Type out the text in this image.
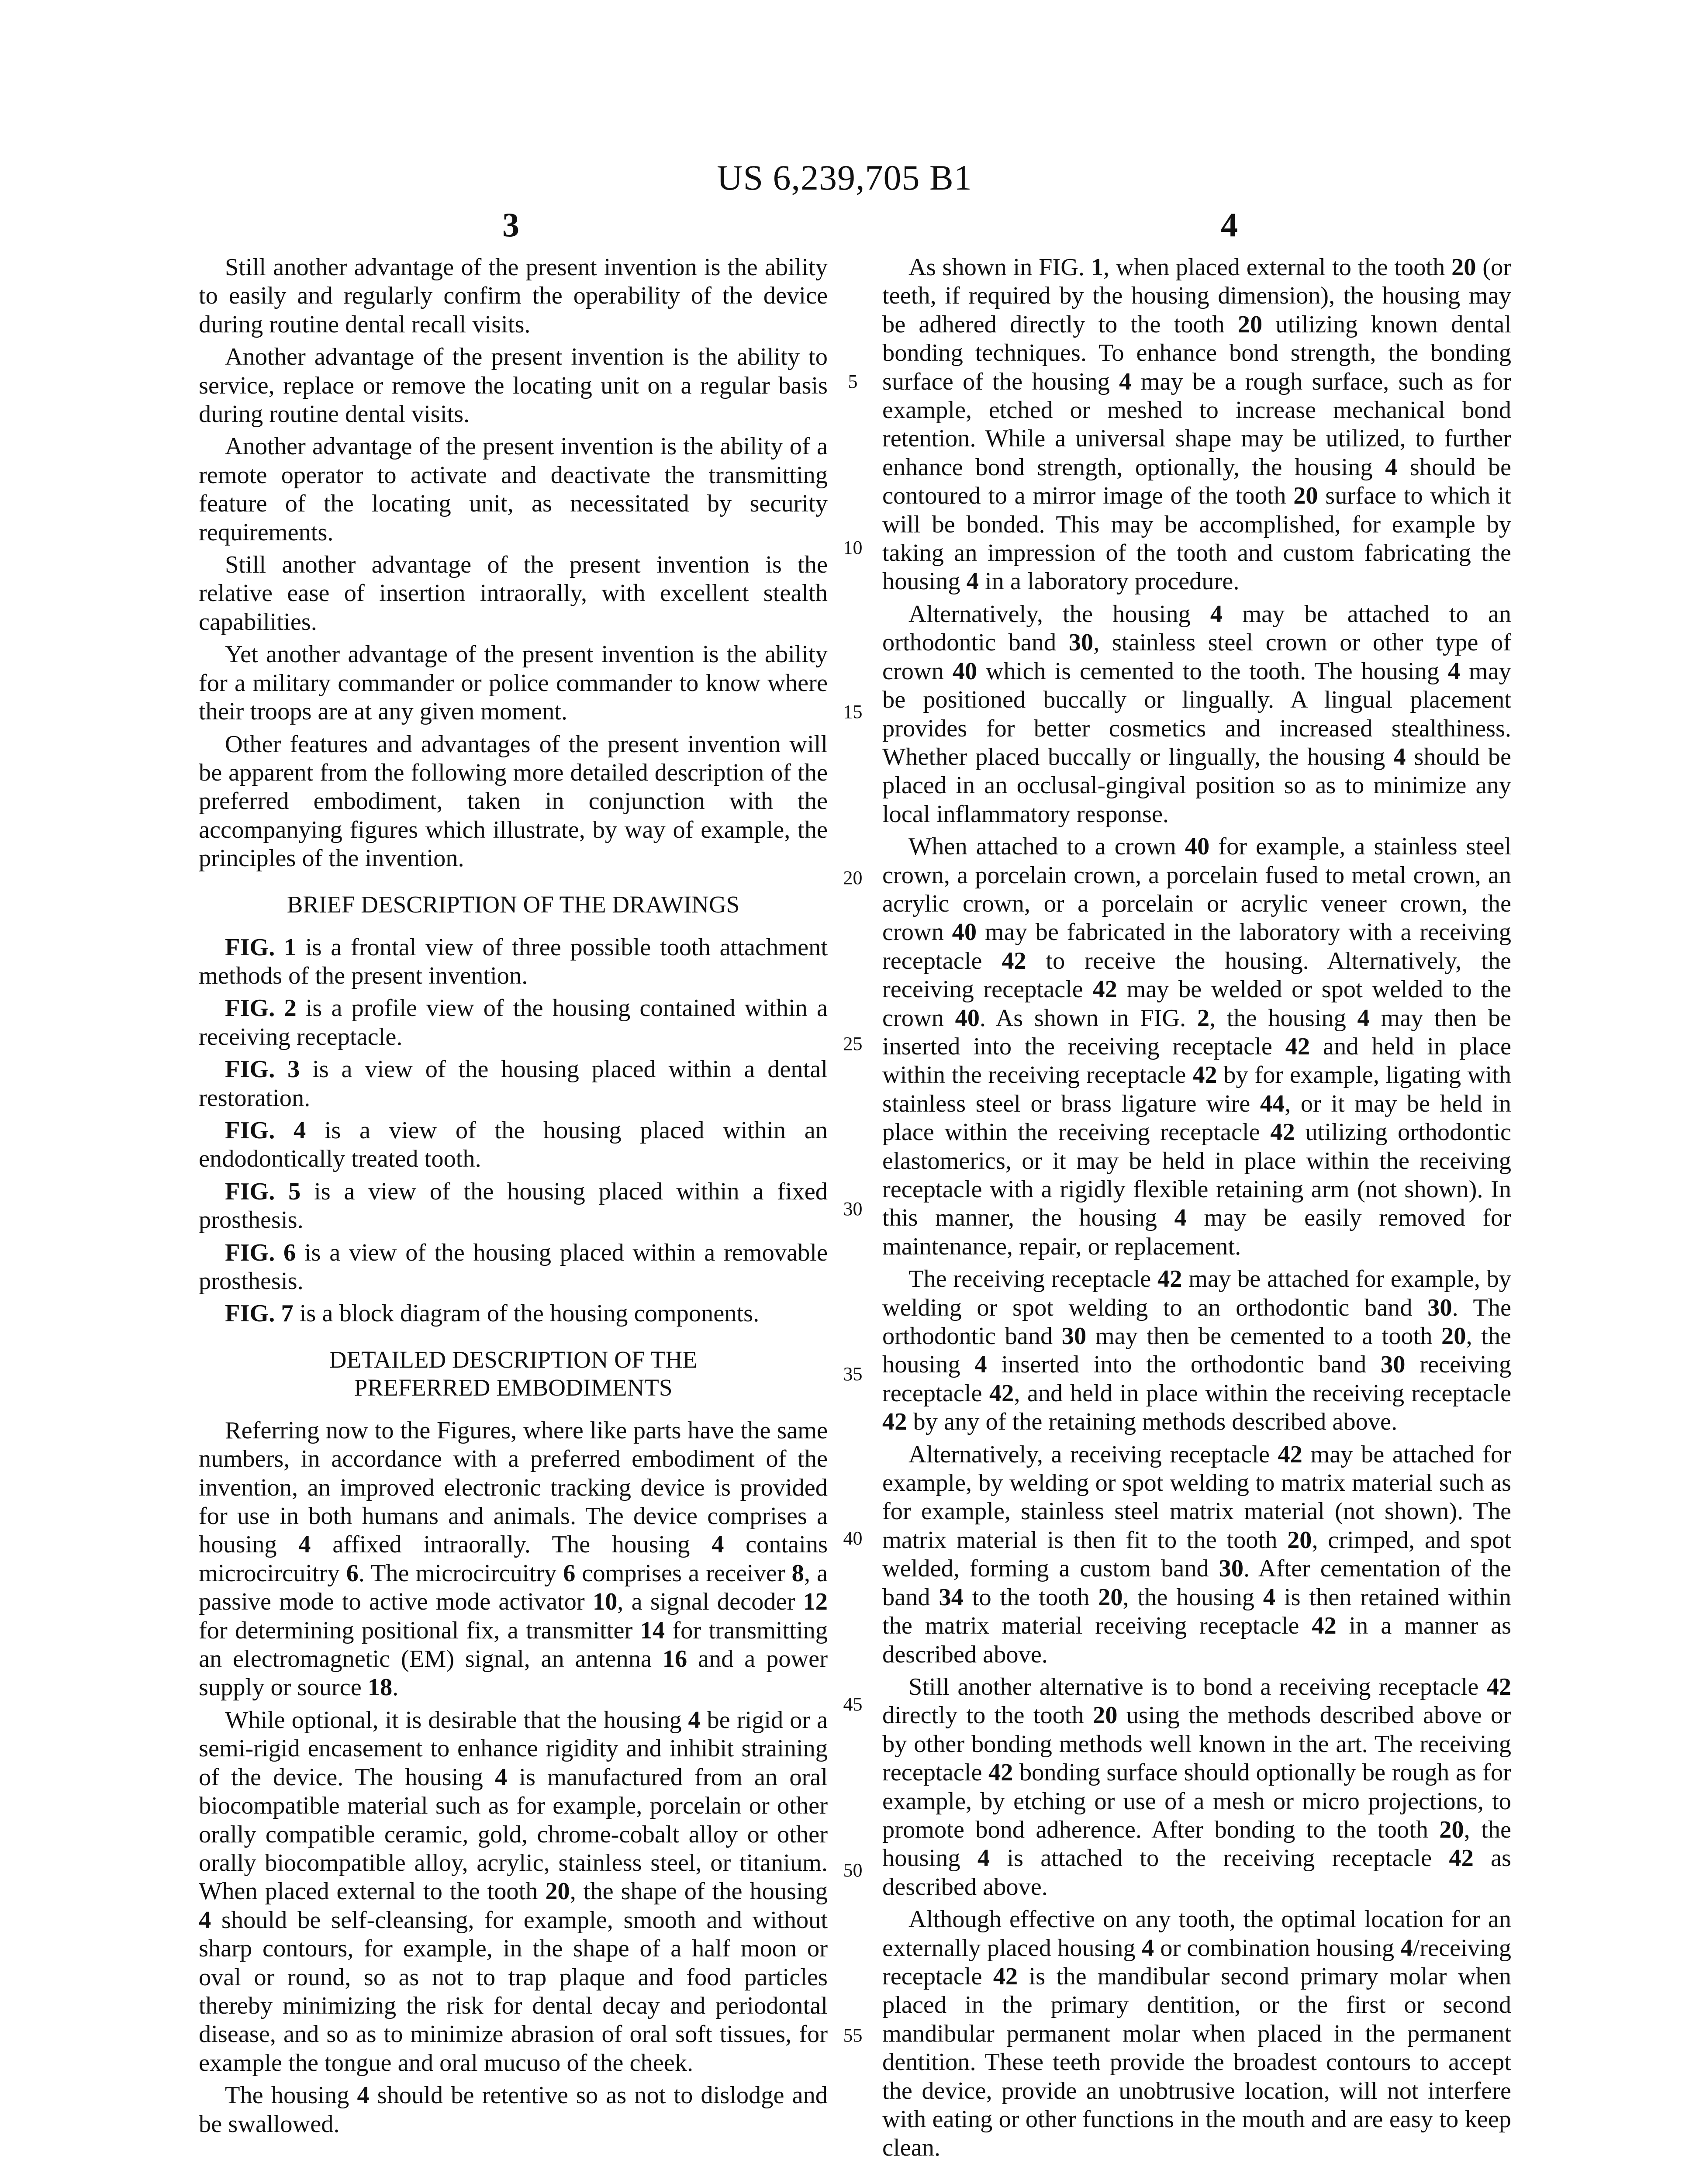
US 6,239,705 B1
3	4

Still another advantage of the present invention is the ability to easily and regularly confirm the operability of the device during routine dental recall visits.

Another advantage of the present invention is the ability to service, replace or remove the locating unit on a regular basis during routine dental visits.

Another advantage of the present invention is the ability of a remote operator to activate and deactivate the transmitting feature of the locating unit, as necessitated by security requirements.

Still another advantage of the present invention is the relative ease of insertion intraorally, with excellent stealth capabilities.

Yet another advantage of the present invention is the ability for a military commander or police commander to know where their troops are at any given moment.

Other features and advantages of the present invention will be apparent from the following more detailed description of the preferred embodiment, taken in conjunction with the accompanying figures which illustrate, by way of example, the principles of the invention.

BRIEF DESCRIPTION OF THE DRAWINGS

FIG. 1 is a frontal view of three possible tooth attachment methods of the present invention.

FIG. 2 is a profile view of the housing contained within a receiving receptacle.

FIG. 3 is a view of the housing placed within a dental restoration.

FIG. 4 is a view of the housing placed within an endodontically treated tooth.

FIG. 5 is a view of the housing placed within a fixed prosthesis.

FIG. 6 is a view of the housing placed within a removable prosthesis.

FIG. 7 is a block diagram of the housing components.

DETAILED DESCRIPTION OF THE
PREFERRED EMBODIMENTS

Referring now to the Figures, where like parts have the same numbers, in accordance with a preferred embodiment of the invention, an improved electronic tracking device is provided for use in both humans and animals. The device comprises a housing 4 affixed intraorally. The housing 4 contains microcircuitry 6. The microcircuitry 6 comprises a receiver 8, a passive mode to active mode activator 10, a signal decoder 12 for determining positional fix, a transmitter 14 for transmitting an electromagnetic (EM) signal, an antenna 16 and a power supply or source 18.

While optional, it is desirable that the housing 4 be rigid or a semi-rigid encasement to enhance rigidity and inhibit straining of the device. The housing 4 is manufactured from an oral biocompatible material such as for example, porcelain or other orally compatible ceramic, gold, chrome-cobalt alloy or other orally biocompatible alloy, acrylic, stainless steel, or titanium. When placed external to the tooth 20, the shape of the housing 4 should be self-cleansing, for example, smooth and without sharp contours, for example, in the shape of a half moon or oval or round, so as not to trap plaque and food particles thereby minimizing the risk for dental decay and periodontal disease, and so as to minimize abrasion of oral soft tissues, for example the tongue and oral mucuso of the cheek.

The housing 4 should be retentive so as not to dislodge and be swallowed.

5
10
15
20
25
30
35
40
45
50
55

As shown in FIG. 1, when placed external to the tooth 20 (or teeth, if required by the housing dimension), the housing may be adhered directly to the tooth 20 utilizing known dental bonding techniques. To enhance bond strength, the bonding surface of the housing 4 may be a rough surface, such as for example, etched or meshed to increase mechanical bond retention. While a universal shape may be utilized, to further enhance bond strength, optionally, the housing 4 should be contoured to a mirror image of the tooth 20 surface to which it will be bonded. This may be accomplished, for example by taking an impression of the tooth and custom fabricating the housing 4 in a laboratory procedure.

Alternatively, the housing 4 may be attached to an orthodontic band 30, stainless steel crown or other type of crown 40 which is cemented to the tooth. The housing 4 may be positioned buccally or lingually. A lingual placement provides for better cosmetics and increased stealthiness. Whether placed buccally or lingually, the housing 4 should be placed in an occlusal-gingival position so as to minimize any local inflammatory response.

When attached to a crown 40 for example, a stainless steel crown, a porcelain crown, a porcelain fused to metal crown, an acrylic crown, or a porcelain or acrylic veneer crown, the crown 40 may be fabricated in the laboratory with a receiving receptacle 42 to receive the housing. Alternatively, the receiving receptacle 42 may be welded or spot welded to the crown 40. As shown in FIG. 2, the housing 4 may then be inserted into the receiving receptacle 42 and held in place within the receiving receptacle 42 by for example, ligating with stainless steel or brass ligature wire 44, or it may be held in place within the receiving receptacle 42 utilizing orthodontic elastomerics, or it may be held in place within the receiving receptacle with a rigidly flexible retaining arm (not shown). In this manner, the housing 4 may be easily removed for maintenance, repair, or replacement.

The receiving receptacle 42 may be attached for example, by welding or spot welding to an orthodontic band 30. The orthodontic band 30 may then be cemented to a tooth 20, the housing 4 inserted into the orthodontic band 30 receiving receptacle 42, and held in place within the receiving receptacle 42 by any of the retaining methods described above.

Alternatively, a receiving receptacle 42 may be attached for example, by welding or spot welding to matrix material such as for example, stainless steel matrix material (not shown). The matrix material is then fit to the tooth 20, crimped, and spot welded, forming a custom band 30. After cementation of the band 34 to the tooth 20, the housing 4 is then retained within the matrix material receiving receptacle 42 in a manner as described above.

Still another alternative is to bond a receiving receptacle 42 directly to the tooth 20 using the methods described above or by other bonding methods well known in the art. The receiving receptacle 42 bonding surface should optionally be rough as for example, by etching or use of a mesh or micro projections, to promote bond adherence. After bonding to the tooth 20, the housing 4 is attached to the receiving receptacle 42 as described above.

Although effective on any tooth, the optimal location for an externally placed housing 4 or combination housing 4/receiving receptacle 42 is the mandibular second primary molar when placed in the primary dentition, or the first or second mandibular permanent molar when placed in the permanent dentition. These teeth provide the broadest contours to accept the device, provide an unobtrusive location, will not interfere with eating or other functions in the mouth and are easy to keep clean.
